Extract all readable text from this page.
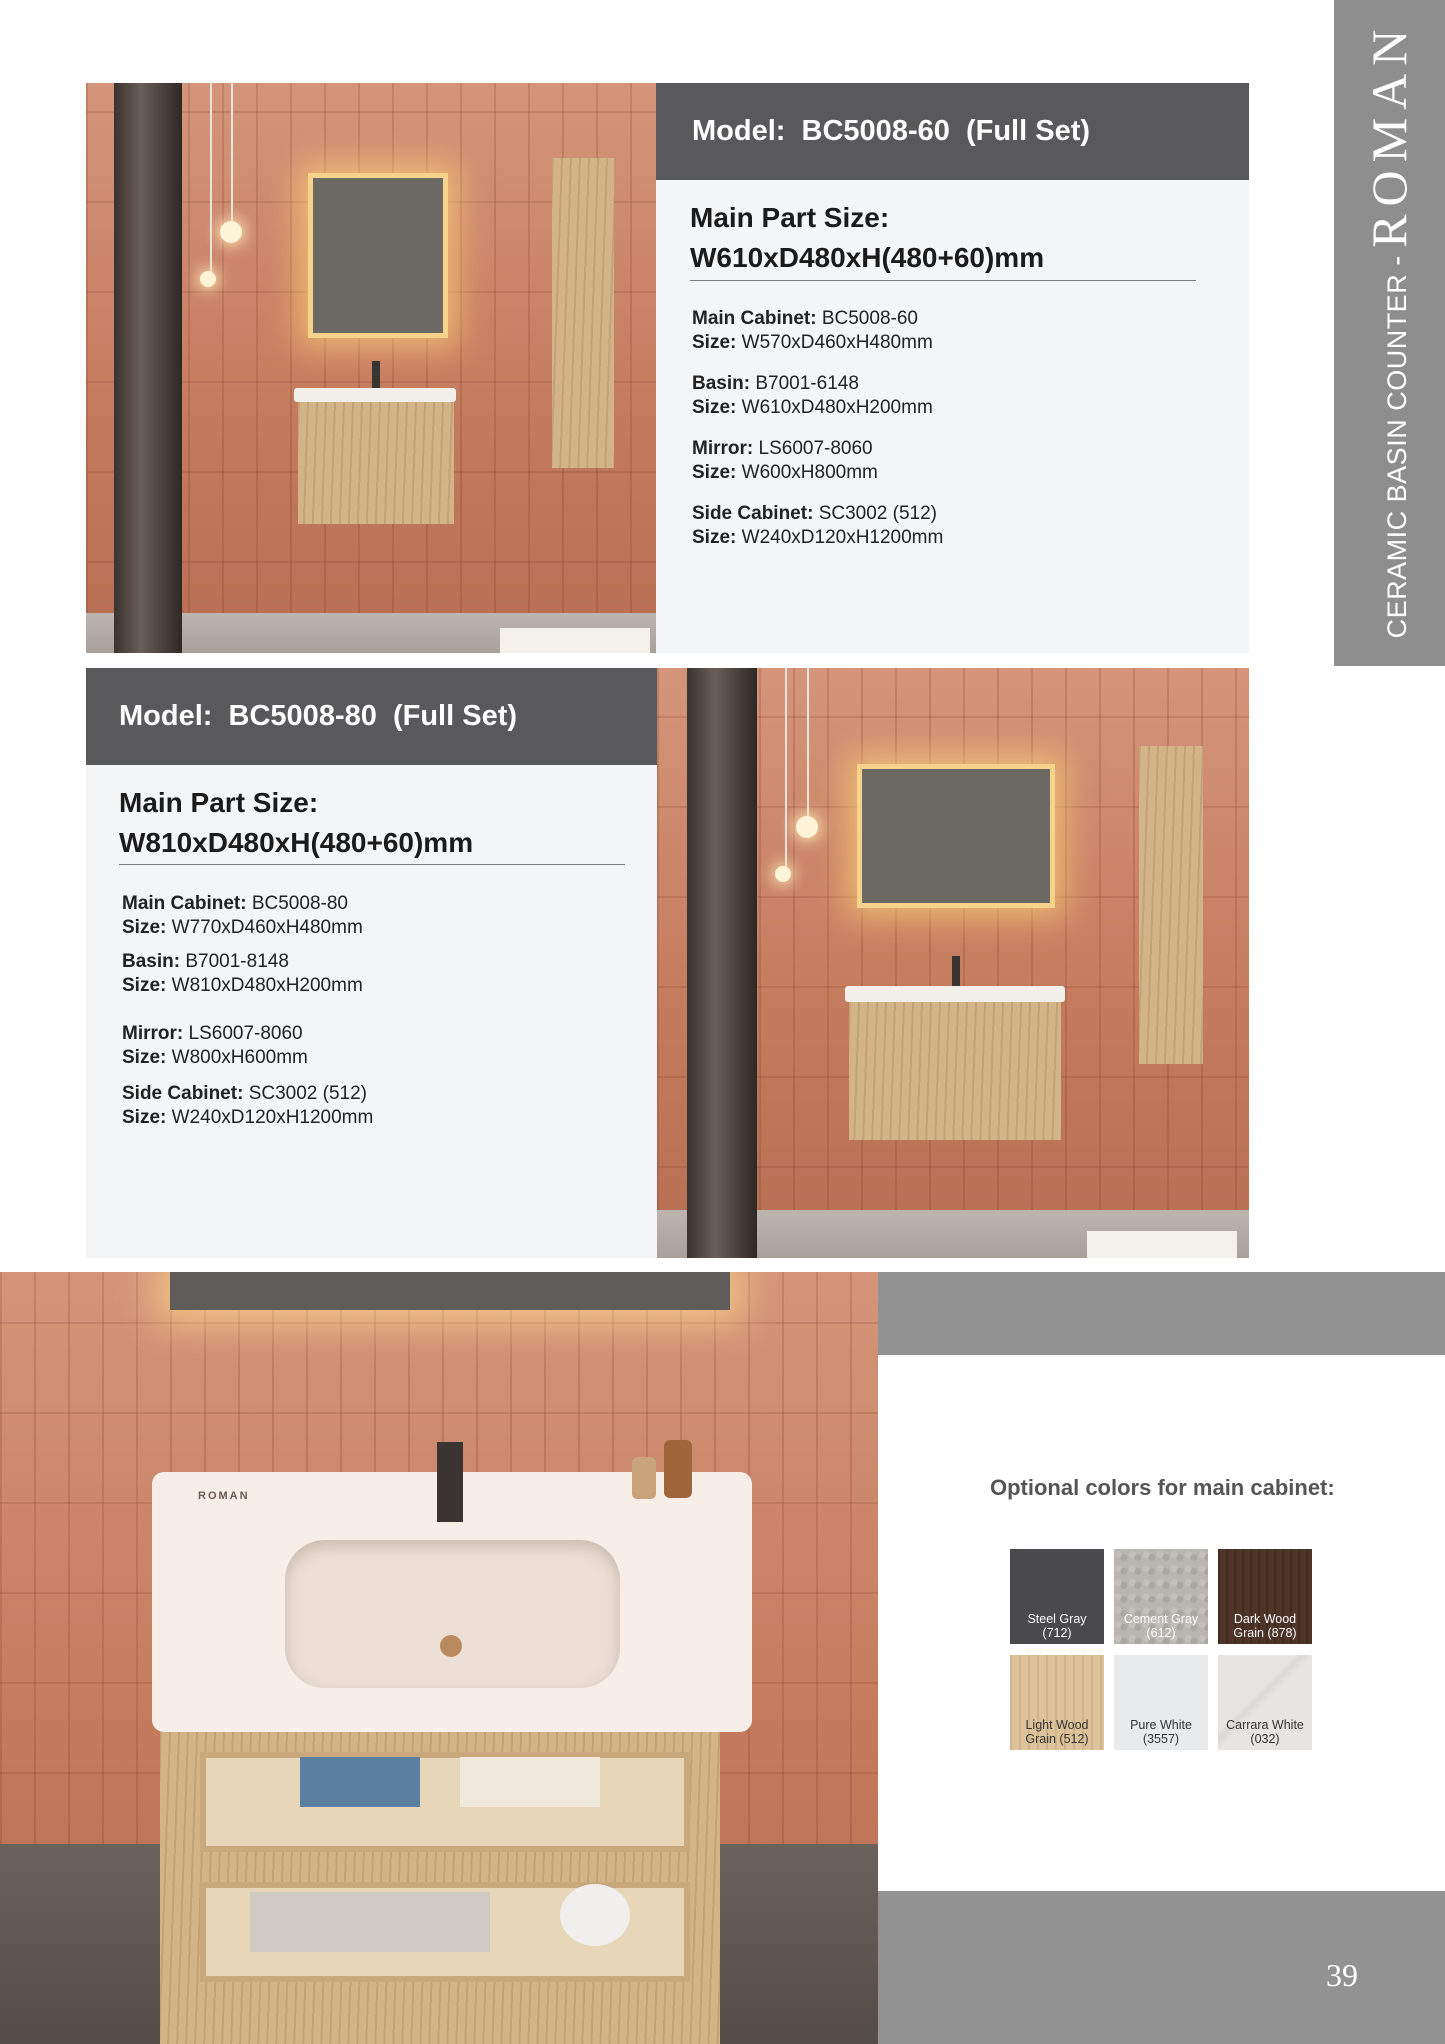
CERAMIC BASIN COUNTER
-
ROMAN
Model:  BC5008-60  (Full Set)
Main Part Size:
W610xD480xH(480+60)mm
Main Cabinet: BC5008-60
Size: W570xD460xH480mm
Basin: B7001-6148
Size: W610xD480xH200mm
Mirror: LS6007-8060
Size: W600xH800mm
Side Cabinet: SC3002 (512)
Size: W240xD120xH1200mm
Model:  BC5008-80  (Full Set)
Main Part Size:
W810xD480xH(480+60)mm
Main Cabinet: BC5008-80
Size: W770xD460xH480mm
Basin: B7001-8148
Size: W810xD480xH200mm
Mirror: LS6007-8060
Size: W800xH600mm
Side Cabinet: SC3002 (512)
Size: W240xD120xH1200mm
ROMAN	Optional colors for main cabinet:
Steel Gray
(712)
Cement Gray
(612)
Dark Wood
Grain (878)
Light Wood
Grain (512)
Pure White
(3557)
Carrara White
(032)
39
